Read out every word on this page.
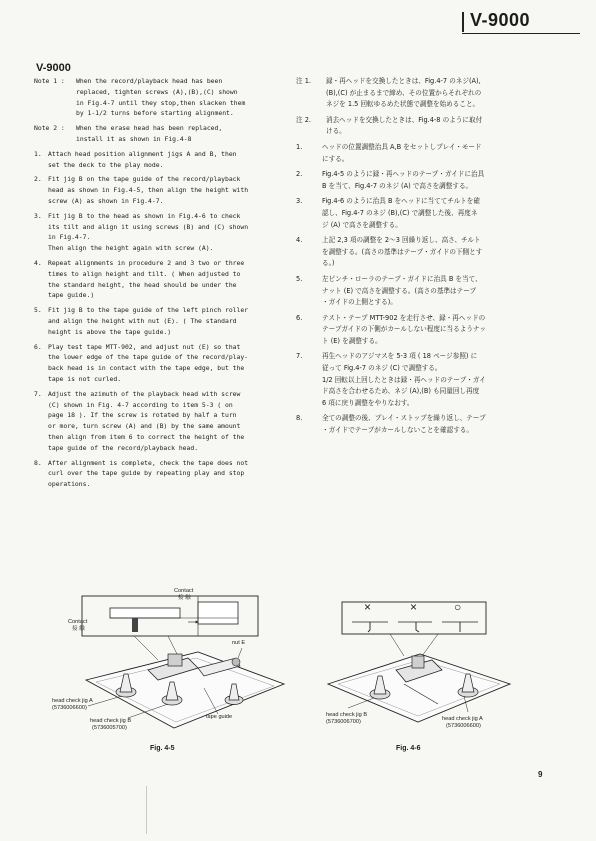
V-9000
V-9000
Note 1 :	When the record/playback head has been
replaced, tighten screws (A),(B),(C) shown
in Fig.4-7 until they stop,then slacken them
by 1-1/2 turns before starting alignment.
Note 2 :	When the erase head has been replaced,
install it as shown in Fig.4-8
1. Attach head position alignment jigs A and B, then
set the deck to the play mode.
2. Fit jig B on the tape guide of the record/playback
head as shown in Fig.4-5, then align the height with
screw (A) as shown in Fig.4-7.
3. Fit jig B to the head as shown in Fig.4-6 to check
its tilt and align it using screws (B) and (C) shown
in Fig.4-7.
Then align the height again with screw (A).
4. Repeat alignments in procedure 2 and 3 two or three
times to align height and tilt. ( When adjusted to
the standard height, the head should be under the
tape guide.)
5. Fit jig B to the tape guide of the left pinch roller
and align the height with nut (E). ( The standard
height is above the tape guide.)
6. Play test tape MTT-902, and adjust nut (E) so that
the lower edge of the tape guide of the record/play-
back head is in contact with the tape edge, but the
tape is not curled.
7. Adjust the azimuth of the playback head with screw
(C) shown in Fig. 4-7 according to item 5-3 ( on
page 18 ). If the screw is rotated by half a turn
or more, turn screw (A) and (B) by the same amount
then align from item 6 to correct the height of the
tape guide of the record/playback head.
8. After alignment is complete, check the tape does not
curl over the tape guide by repeating play and stop
operations.
注 1.	録・再ヘッドを交換したときは、Fig.4-7 のネジ(A),
(B),(C) が止まるまで締め、その位置からそれぞれの
ネジを 1.5 回転ゆるめた状態で調整を始めること。
注 2.	消去ヘッドを交換したときは、Fig.4-8 のように取付
ける。
1.	ヘッドの位置調整治具 A,B をセットしプレイ・モード
にする。
2.	Fig.4-5 のように録・再ヘッドのテープ・ガイドに治具
B を当て、Fig.4-7 のネジ (A) で高さを調整する。
3.	Fig.4-6 のように治具 B をヘッドに当ててチルトを確
認し、Fig.4-7 のネジ (B),(C) で調整した後、再度ネ
ジ (A) で高さを調整する。
4.	上記 2,3 項の調整を 2〜3 回繰り返し、高さ、チルト
を調整する。(高さの基準はテープ・ガイドの下側とす
る。)
5.	左ピンチ・ローラのテープ・ガイドに治具 B を当て、
ナット (E) で高さを調整する。(高さの基準はテープ
・ガイドの上側とする)。
6.	テスト・テープ MTT-902 を走行させ、録・再ヘッドの
テープガイドの下側がカールしない程度に当るようナッ
ト (E) を調整する。
7.	再生ヘッドのアジマスを 5-3 項 ( 18 ページ参照) に
従って Fig.4-7 のネジ (C) で調整する。
1/2 回転以上回したときは録・再ヘッドのテープ・ガイ
ド高さを合わせるため、ネジ (A),(B) も同量回し再度
6 項に戻り調整をやりなおす。
8.	全ての調整の後、プレイ・ストップを繰り返し、テープ
・ガイドでテープがカールしないことを確認する。
Contact
接 触
Contact
接 触
nut E
head check jig A
(5736006600)
head check jig B
(5736005700)
tape guide
Fig. 4-5
head check jig B
(5736006700)	head check jig A
(5736006600)
×	×	○
Fig. 4-6
9
